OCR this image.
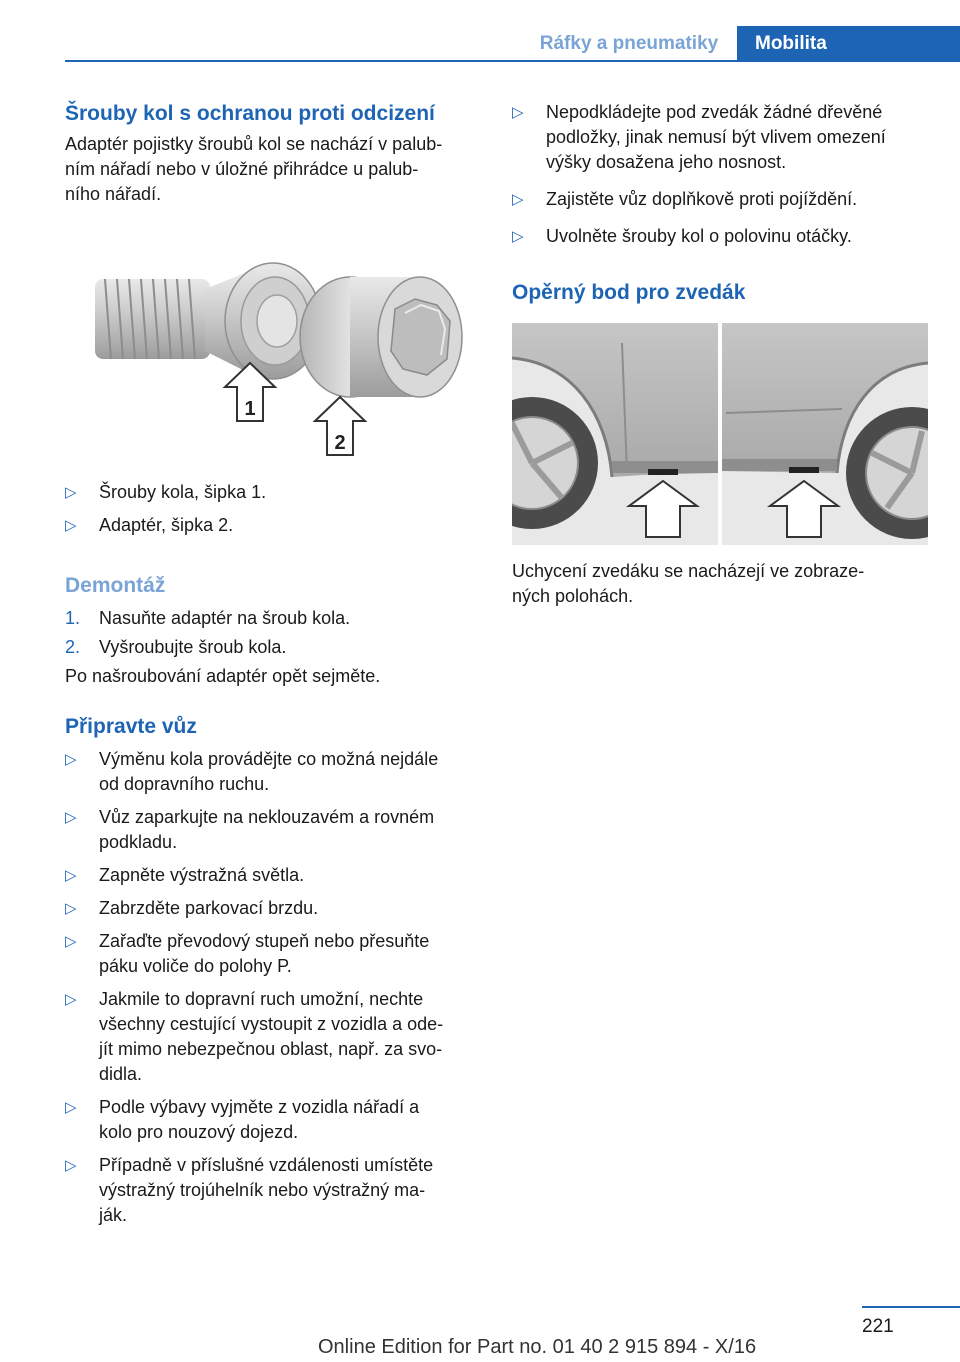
Ráfky a pneumatiky	Mobilita
Šrouby kol s ochranou proti odcizení

Adaptér pojistky šroubů kol se nachází v palub-
ním nářadí nebo v úložné přihrádce u palub-
ního nářadí.

1
2
▷ Šrouby kola, šipka 1.
▷ Adaptér, šipka 2.
Demontáž
1. Nasuňte adaptér na šroub kola.
2. Vyšroubujte šroub kola.

Po našroubování adaptér opět sejměte.

Připravte vůz
▷ Výměnu kola provádějte co možná nejdále
od dopravního ruchu.
▷ Vůz zaparkujte na neklouzavém a rovném
podkladu.
▷ Zapněte výstražná světla.
▷ Zabrzděte parkovací brzdu.
▷ Zařaďte převodový stupeň nebo přesuňte
páku voliče do polohy P.
▷ Jakmile to dopravní ruch umožní, nechte
všechny cestující vystoupit z vozidla a ode-
jít mimo nebezpečnou oblast, např. za svo-
didla.
▷ Podle výbavy vyjměte z vozidla nářadí a
kolo pro nouzový dojezd.
▷ Případně v příslušné vzdálenosti umístěte
výstražný trojúhelník nebo výstražný ma-
ják.
▷ Nepodkládejte pod zvedák žádné dřevěné
podložky, jinak nemusí být vlivem omezení
výšky dosažena jeho nosnost.
▷ Zajistěte vůz doplňkově proti pojíždění.
▷ Uvolněte šrouby kol o polovinu otáčky.
Opěrný bod pro zvedák

Uchycení zvedáku se nacházejí ve zobraze-
ných polohách.

221
Online Edition for Part no. 01 40 2 915 894 - X/16
